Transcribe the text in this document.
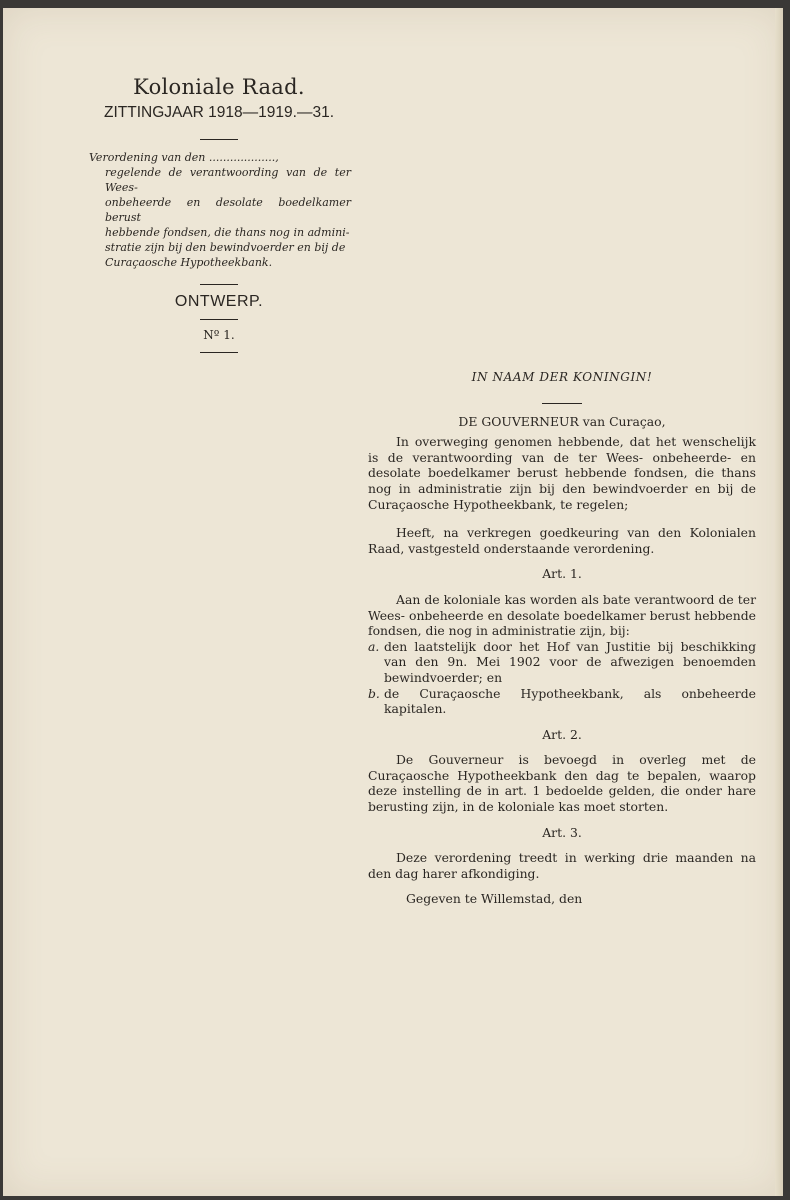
Koloniale Raad.
ZITTINGJAAR 1918—1919.—31.
Verordening van den ...................,
regelende de verantwoording van de ter Wees-
onbeheerde en desolate boedelkamer berust
hebbende fondsen, die thans nog in admini-
stratie zijn bij den bewindvoerder en bij de
Curaçaosche Hypotheekbank.
ONTWERP.
Nº 1.
IN NAAM DER KONINGIN!
DE GOUVERNEUR van Curaçao,

In overweging genomen hebbende, dat het wenschelijk is de verantwoording van de ter Wees- onbeheerde- en desolate boedelkamer berust hebbende fondsen, die thans nog in administratie zijn bij den bewindvoerder en bij de Curaçaosche Hypotheekbank, te regelen;

Heeft, na verkregen goedkeuring van den Kolonialen Raad, vastgesteld onderstaande verordening.

Art. 1.

Aan de koloniale kas worden als bate verantwoord de ter Wees- onbeheerde en desolate boedelkamer berust hebbende fondsen, die nog in administratie zijn, bij:

a. den laatstelijk door het Hof van Justitie bij beschikking van den 9n. Mei 1902 voor de afwezigen benoemden bewindvoerder; en
b. de Curaçaosche Hypotheekbank, als onbeheerde kapitalen.
Art. 2.

De Gouverneur is bevoegd in overleg met de Curaçaosche Hypotheekbank den dag te bepalen, waarop deze instelling de in art. 1 bedoelde gelden, die onder hare berusting zijn, in de koloniale kas moet storten.

Art. 3.

Deze verordening treedt in werking drie maanden na den dag harer afkondiging.

Gegeven te Willemstad, den
